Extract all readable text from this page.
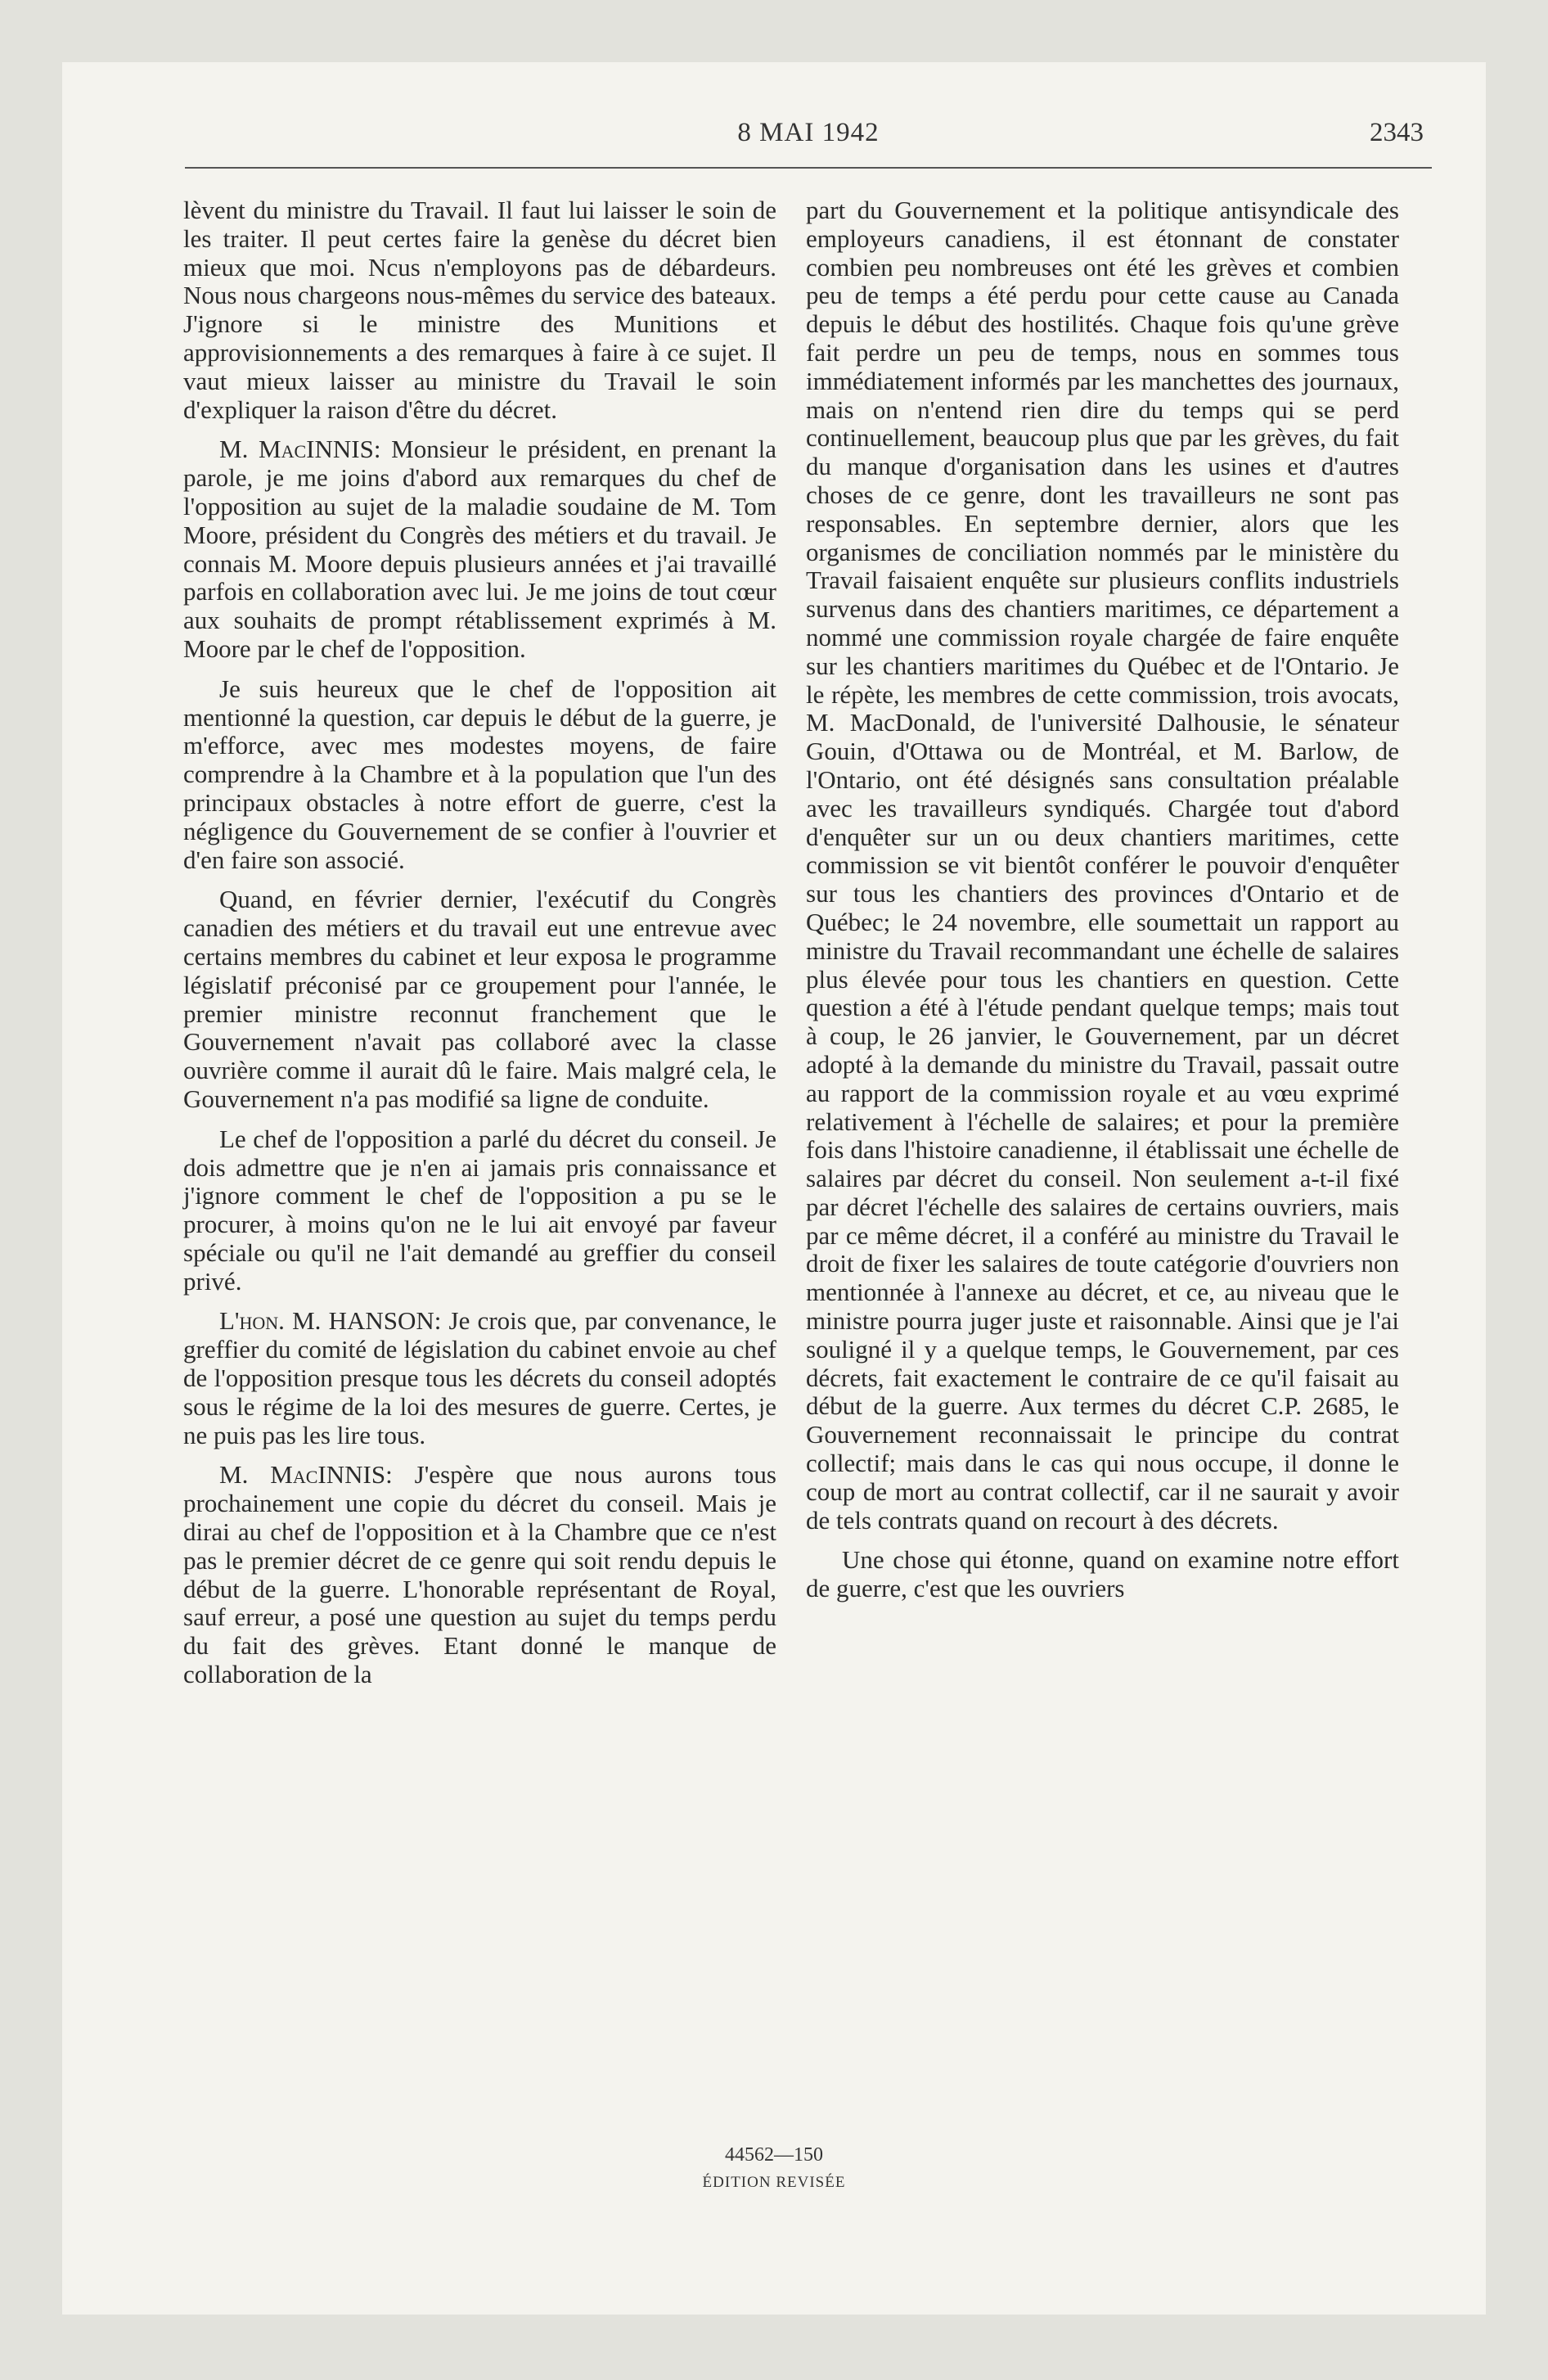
8 MAI 1942	2343

lèvent du ministre du Travail. Il faut lui laisser le soin de les traiter. Il peut certes faire la genèse du décret bien mieux que moi. Ncus n'employons pas de débardeurs. Nous nous chargeons nous-mêmes du service des bateaux. J'ignore si le ministre des Munitions et approvisionnements a des remarques à faire à ce sujet. Il vaut mieux laisser au ministre du Travail le soin d'expliquer la raison d'être du décret.

M. MacINNIS: Monsieur le président, en prenant la parole, je me joins d'abord aux remarques du chef de l'opposition au sujet de la maladie soudaine de M. Tom Moore, président du Congrès des métiers et du travail. Je connais M. Moore depuis plusieurs années et j'ai travaillé parfois en collaboration avec lui. Je me joins de tout cœur aux souhaits de prompt rétablissement exprimés à M. Moore par le chef de l'opposition.

Je suis heureux que le chef de l'opposition ait mentionné la question, car depuis le début de la guerre, je m'efforce, avec mes modestes moyens, de faire comprendre à la Chambre et à la population que l'un des principaux obstacles à notre effort de guerre, c'est la négligence du Gouvernement de se confier à l'ouvrier et d'en faire son associé.

Quand, en février dernier, l'exécutif du Congrès canadien des métiers et du travail eut une entrevue avec certains membres du cabinet et leur exposa le programme législatif préconisé par ce groupement pour l'année, le premier ministre reconnut franchement que le Gouvernement n'avait pas collaboré avec la classe ouvrière comme il aurait dû le faire. Mais malgré cela, le Gouvernement n'a pas modifié sa ligne de conduite.

Le chef de l'opposition a parlé du décret du conseil. Je dois admettre que je n'en ai jamais pris connaissance et j'ignore comment le chef de l'opposition a pu se le procurer, à moins qu'on ne le lui ait envoyé par faveur spéciale ou qu'il ne l'ait demandé au greffier du conseil privé.

L'hon. M. HANSON: Je crois que, par convenance, le greffier du comité de législation du cabinet envoie au chef de l'opposition presque tous les décrets du conseil adoptés sous le régime de la loi des mesures de guerre. Certes, je ne puis pas les lire tous.

M. MacINNIS: J'espère que nous aurons tous prochainement une copie du décret du conseil. Mais je dirai au chef de l'opposition et à la Chambre que ce n'est pas le premier décret de ce genre qui soit rendu depuis le début de la guerre. L'honorable représentant de Royal, sauf erreur, a posé une question au sujet du temps perdu du fait des grèves. Etant donné le manque de collaboration de la

part du Gouvernement et la politique antisyndicale des employeurs canadiens, il est étonnant de constater combien peu nombreuses ont été les grèves et combien peu de temps a été perdu pour cette cause au Canada depuis le début des hostilités. Chaque fois qu'une grève fait perdre un peu de temps, nous en sommes tous immédiatement informés par les manchettes des journaux, mais on n'entend rien dire du temps qui se perd continuellement, beaucoup plus que par les grèves, du fait du manque d'organisation dans les usines et d'autres choses de ce genre, dont les travailleurs ne sont pas responsables. En septembre dernier, alors que les organismes de conciliation nommés par le ministère du Travail faisaient enquête sur plusieurs conflits industriels survenus dans des chantiers maritimes, ce département a nommé une commission royale chargée de faire enquête sur les chantiers maritimes du Québec et de l'Ontario. Je le répète, les membres de cette commission, trois avocats, M. MacDonald, de l'université Dalhousie, le sénateur Gouin, d'Ottawa ou de Montréal, et M. Barlow, de l'Ontario, ont été désignés sans consultation préalable avec les travailleurs syndiqués. Chargée tout d'abord d'enquêter sur un ou deux chantiers maritimes, cette commission se vit bientôt conférer le pouvoir d'enquêter sur tous les chantiers des provinces d'Ontario et de Québec; le 24 novembre, elle soumettait un rapport au ministre du Travail recommandant une échelle de salaires plus élevée pour tous les chantiers en question. Cette question a été à l'étude pendant quelque temps; mais tout à coup, le 26 janvier, le Gouvernement, par un décret adopté à la demande du ministre du Travail, passait outre au rapport de la commission royale et au vœu exprimé relativement à l'échelle de salaires; et pour la première fois dans l'histoire canadienne, il établissait une échelle de salaires par décret du conseil. Non seulement a-t-il fixé par décret l'échelle des salaires de certains ouvriers, mais par ce même décret, il a conféré au ministre du Travail le droit de fixer les salaires de toute catégorie d'ouvriers non mentionnée à l'annexe au décret, et ce, au niveau que le ministre pourra juger juste et raisonnable. Ainsi que je l'ai souligné il y a quelque temps, le Gouvernement, par ces décrets, fait exactement le contraire de ce qu'il faisait au début de la guerre. Aux termes du décret C.P. 2685, le Gouvernement reconnaissait le principe du contrat collectif; mais dans le cas qui nous occupe, il donne le coup de mort au contrat collectif, car il ne saurait y avoir de tels contrats quand on recourt à des décrets.

Une chose qui étonne, quand on examine notre effort de guerre, c'est que les ouvriers

44562—150
ÉDITION REVISÉE
